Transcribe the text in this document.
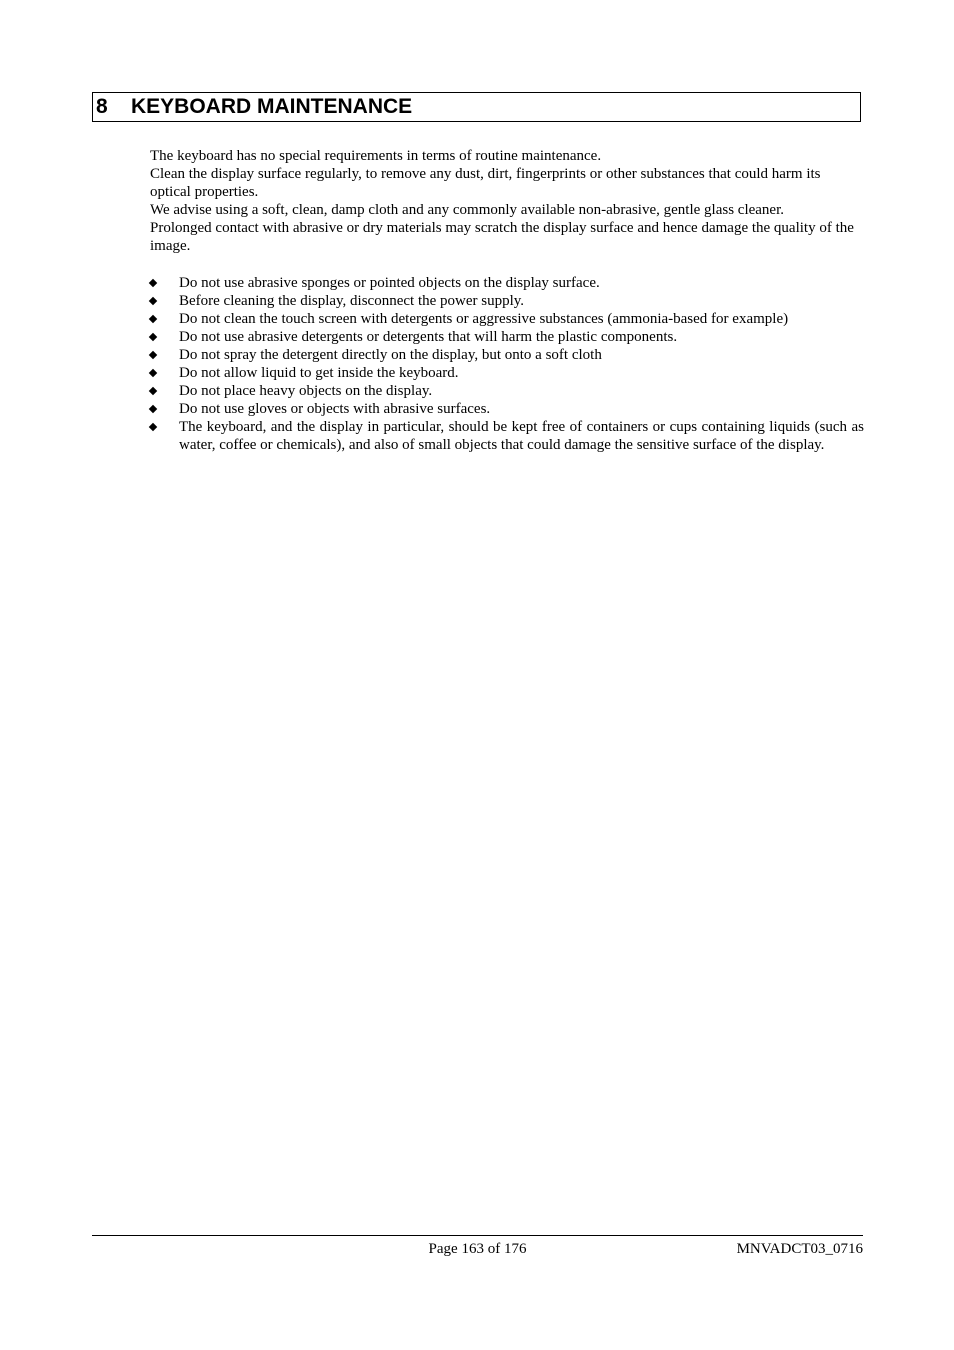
8	KEYBOARD MAINTENANCE

The keyboard has no special requirements in terms of routine maintenance.

Clean the display surface regularly, to remove any dust, dirt, fingerprints or other substances that could harm its optical properties.

We advise using a soft, clean, damp cloth and any commonly available non-abrasive, gentle glass cleaner.

Prolonged contact with abrasive or dry materials may scratch the display surface and hence damage the quality of the image.

Do not use abrasive sponges or pointed objects on the display surface.
Before cleaning the display, disconnect the power supply.
Do not clean the touch screen with detergents or aggressive substances (ammonia-based for example)
Do not use abrasive detergents or detergents that will harm the plastic components.
Do not spray the detergent directly on the display, but onto a soft cloth
Do not allow liquid to get inside the keyboard.
Do not place heavy objects on the display.
Do not use gloves or objects with abrasive surfaces.
The keyboard, and the display in particular, should be kept free of containers or cups containing liquids (such as water, coffee or chemicals), and also of small objects that could damage the sensitive surface of the display.
Page 163 of 176	MNVADCT03_0716
